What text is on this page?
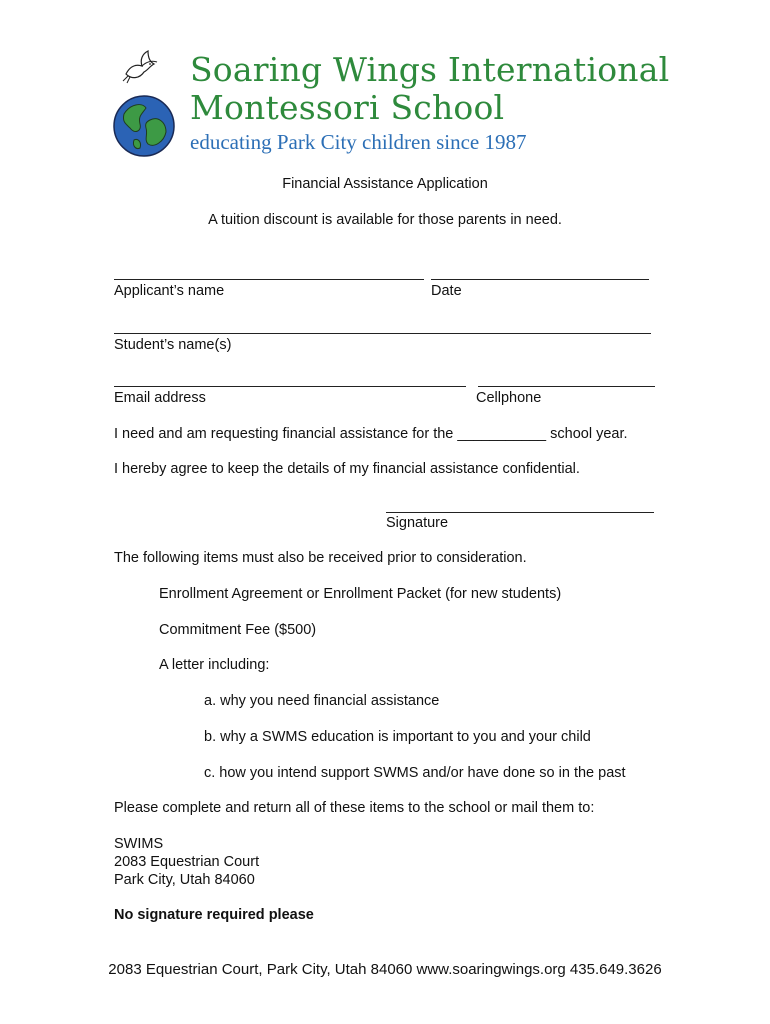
Soaring Wings International
Montessori School
educating Park City children since 1987
Financial Assistance Application
A tuition discount is available for those parents in need.
Applicant’s name	Date
Student’s name(s)
Email address	Cellphone
I need and am requesting financial assistance for the ___________ school year.
I hereby agree to keep the details of my financial assistance confidential.
Signature
The following items must also be received prior to consideration.
Enrollment Agreement or Enrollment Packet (for new students)
Commitment Fee ($500)
A letter including:
a. why you need financial assistance
b. why a SWMS education is important to you and your child
c. how you intend support SWMS and/or have done so in the past
Please complete and return all of these items to the school or mail them to:
SWIMS
2083 Equestrian Court
Park City, Utah 84060
No signature required please
2083 Equestrian Court, Park City, Utah 84060 www.soaringwings.org 435.649.3626
